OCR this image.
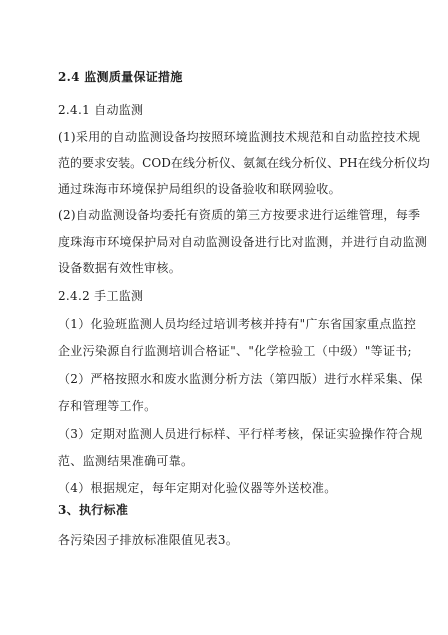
2.4 监测质量保证措施
2.4.1 自动监测
(1)采用的自动监测设备均按照环境监测技术规范和自动监控技术规
范的要求安装。COD在线分析仪、氨氮在线分析仪、PH在线分析仪均
通过珠海市环境保护局组织的设备验收和联网验收。
(2)自动监测设备均委托有资质的第三方按要求进行运维管理，每季
度珠海市环境保护局对自动监测设备进行比对监测，并进行自动监测
设备数据有效性审核。
2.4.2 手工监测
（1）化验班监测人员均经过培训考核并持有"广东省国家重点监控
企业污染源自行监测培训合格证"、"化学检验工（中级）"等证书;
（2）严格按照水和废水监测分析方法（第四版）进行水样采集、保
存和管理等工作。
（3）定期对监测人员进行标样、平行样考核，保证实验操作符合规
范、监测结果准确可靠。
（4）根据规定，每年定期对化验仪器等外送校准。
3、执行标准
各污染因子排放标准限值见表3。
